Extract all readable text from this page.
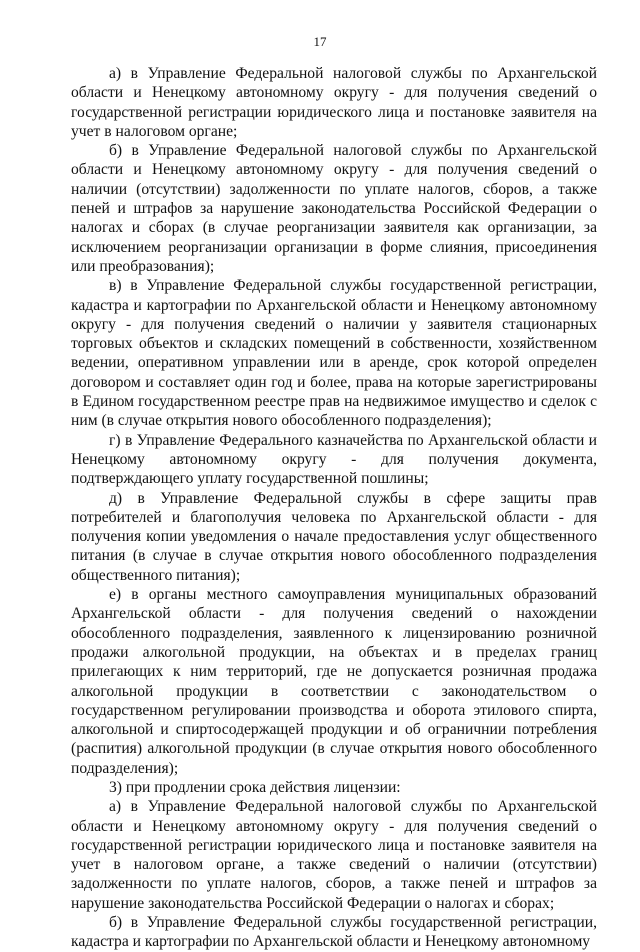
17

а) в Управление Федеральной налоговой службы по Архангельской области и Ненецкому автономному округу - для получения сведений о государственной регистрации юридического лица и постановке заявителя на учет в налоговом органе;

б) в Управление Федеральной налоговой службы по Архангельской области и Ненецкому автономному округу - для получения сведений о наличии (отсутствии) задолженности по уплате налогов, сборов, а также пеней и штрафов за нарушение законодательства Российской Федерации о налогах и сборах (в случае реорганизации заявителя как организации, за исключением реорганизации организации в форме слияния, присоединения или преобразования);

в) в Управление Федеральной службы государственной регистрации, кадастра и картографии по Архангельской области и Ненецкому автономному округу - для получения сведений о наличии у заявителя стационарных торговых объектов и складских помещений в собственности, хозяйственном ведении, оперативном управлении или в аренде, срок которой определен договором и составляет один год и более, права на которые зарегистрированы в Едином государственном реестре прав на недвижимое имущество и сделок с ним (в случае открытия нового обособленного подразделения);

г) в Управление Федерального казначейства по Архангельской области и Ненецкому автономному округу - для получения документа, подтверждающего уплату государственной пошлины;

д) в Управление Федеральной службы в сфере защиты прав потребителей и благополучия человека по Архангельской области - для получения копии уведомления о начале предоставления услуг общественного питания (в случае в случае открытия нового обособленного подразделения общественного питания);

е) в органы местного самоуправления муниципальных образований Архангельской области - для получения сведений о нахождении обособленного подразделения, заявленного к лицензированию розничной продажи алкогольной продукции, на объектах и в пределах границ прилегающих к ним территорий, где не допускается розничная продажа алкогольной продукции в соответствии с законодательством о государственном регулировании производства и оборота этилового спирта, алкогольной и спиртосодержащей продукции и об ограничнии потребления (распития) алкогольной продукции (в случае открытия нового обособленного подразделения);

3) при продлении срока действия лицензии:

а) в Управление Федеральной налоговой службы по Архангельской области и Ненецкому автономному округу - для получения сведений о государственной регистрации юридического лица и постановке заявителя на учет в налоговом органе, а также сведений о наличии (отсутствии) задолженности по уплате налогов, сборов, а также пеней и штрафов за нарушение законодательства Российской Федерации о налогах и сборах;

б) в Управление Федеральной службы государственной регистрации, кадастра и картографии по Архангельской области и Ненецкому автономному
